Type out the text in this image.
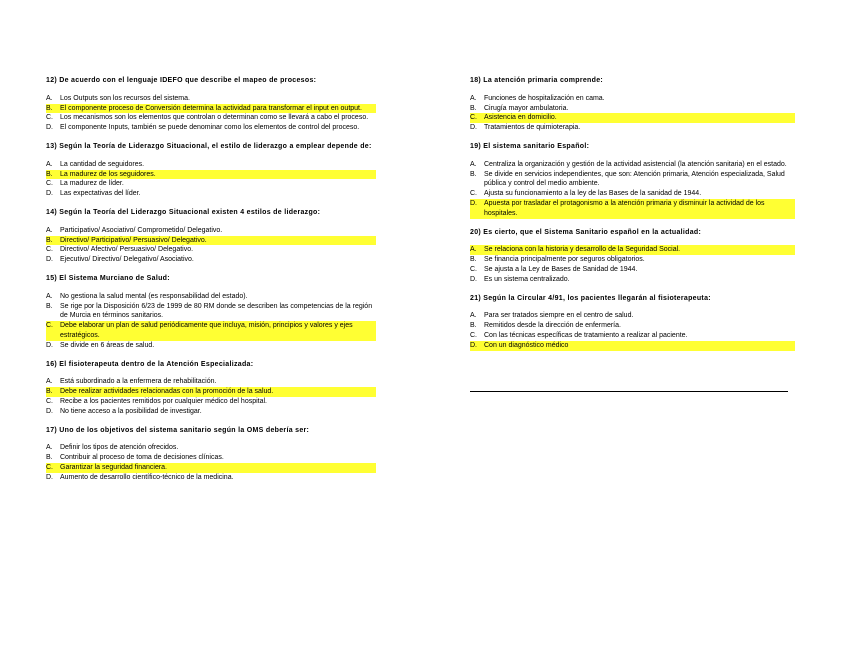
12) De acuerdo con el lenguaje IDEFO que describe el mapeo de procesos:
A.	Los Outputs son los recursos del sistema.
B.	El componente proceso de Conversión determina la actividad para transformar el input en output.
C.	Los mecanismos son los elementos que controlan o determinan como se llevará a cabo el proceso.
D.	El componente Inputs, también se puede denominar como los elementos de control del proceso.
13) Según la Teoría de Liderazgo Situacional, el estilo de liderazgo a emplear depende de:
A.	La cantidad de seguidores.
B.	La madurez de los seguidores.
C.	La madurez de líder.
D.	Las expectativas del líder.
14) Según la Teoría del Liderazgo Situacional existen 4 estilos de liderazgo:
A.	Participativo/ Asociativo/ Comprometido/ Delegativo.
B.	Directivo/ Participativo/ Persuasivo/ Delegativo.
C.	Directivo/ Afectivo/ Persuasivo/ Delegativo.
D.	Ejecutivo/ Directivo/ Delegativo/ Asociativo.
15) El Sistema Murciano de Salud:
A.	No gestiona la salud mental (es responsabilidad del estado).
B.	Se rige por la Disposición 6/23 de 1999 de 80 RM donde se describen las competencias de la región de Murcia en términos sanitarios.
C.	Debe elaborar un plan de salud periódicamente que incluya, misión, principios y valores y ejes estratégicos.
D.	Se divide en 6 áreas de salud.
16) El fisioterapeuta dentro de la Atención Especializada:
A.	Está subordinado a la enfermera de rehabilitación.
B.	Debe realizar actividades relacionadas con la promoción de la salud.
C.	Recibe a los pacientes remitidos por cualquier médico del hospital.
D.	No tiene acceso a la posibilidad de investigar.
17) Uno de los objetivos del sistema sanitario según la OMS debería ser:
A.	Definir los tipos de atención ofrecidos.
B.	Contribuir al proceso de toma de decisiones clínicas.
C.	Garantizar la seguridad financiera.
D.	Aumento de desarrollo científico-técnico de la medicina.
18) La atención primaria comprende:
A.	Funciones de hospitalización en cama.
B.	Cirugía mayor ambulatoria.
C.	Asistencia en domicilio.
D.	Tratamientos de quimioterapia.
19) El sistema sanitario Español:
A.	Centraliza la organización y gestión de la actividad asistencial (la atención sanitaria) en el estado.
B.	Se divide en servicios independientes, que son: Atención primaria, Atención especializada, Salud pública y control del medio ambiente.
C.	Ajusta su funcionamiento a la ley de las Bases de la sanidad de 1944.
D.	Apuesta por trasladar el protagonismo a la atención primaria y disminuir la actividad de los hospitales.
20) Es cierto, que el Sistema Sanitario español en la actualidad:
A.	Se relaciona con la historia y desarrollo de la Seguridad Social.
B.	Se financia principalmente por seguros obligatorios.
C.	Se ajusta a la Ley de Bases de Sanidad de 1944.
D.	Es un sistema centralizado.
21) Según la Circular 4/91, los pacientes llegarán al fisioterapeuta:
A.	Para ser tratados siempre en el centro de salud.
B.	Remitidos desde la dirección de enfermería.
C.	Con las técnicas específicas de tratamiento a realizar al paciente.
D.	Con un diagnóstico médico
